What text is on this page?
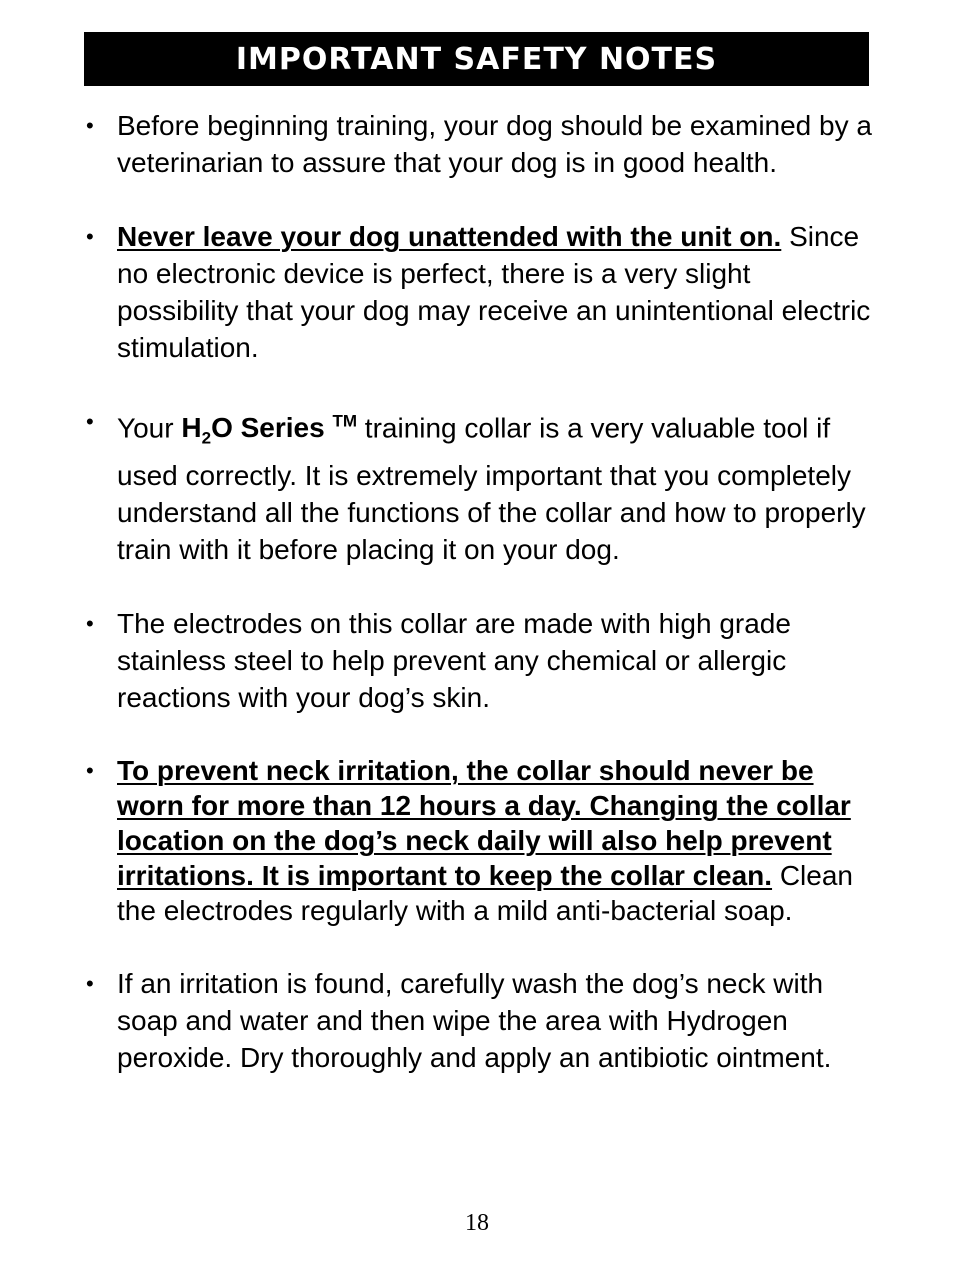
IMPORTANT SAFETY NOTES
• Before beginning training, your dog should be examined by a veterinarian to assure that your dog is in good health.
• Never leave your dog unattended with the unit on. Since no electronic device is perfect, there is a very slight possibility that your dog may receive an unintentional electric stimulation.
• Your $H_2O$ Series ™ training collar is a very valuable tool if used correctly. It is extremely important that you completely understand all the functions of the collar and how to properly train with it before placing it on your dog.
• The electrodes on this collar are made with high grade stainless steel to help prevent any chemical or allergic reactions with your dog’s skin.
• To prevent neck irritation, the collar should never be worn for more than 12 hours a day. Changing the collar location on the dog’s neck daily will also help prevent irritations. It is important to keep the collar clean. Clean the electrodes regularly with a mild anti-bacterial soap.
• If an irritation is found, carefully wash the dog’s neck with soap and water and then wipe the area with Hydrogen peroxide. Dry thoroughly and apply an antibiotic ointment.
18
